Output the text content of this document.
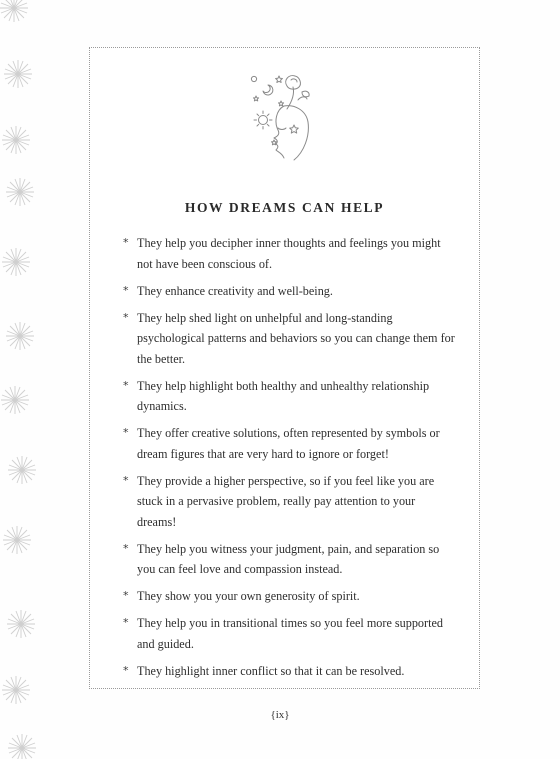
HOW DREAMS CAN HELP
* They help you decipher inner thoughts and feelings you might not have been conscious of.
* They enhance creativity and well-being.
* They help shed light on unhelpful and long-standing psychological patterns and behaviors so you can change them for the better.
* They help highlight both healthy and unhealthy relationship dynamics.
* They offer creative solutions, often represented by symbols or dream figures that are very hard to ignore or forget!
* They provide a higher perspective, so if you feel like you are stuck in a pervasive problem, really pay attention to your dreams!
* They help you witness your judgment, pain, and separation so you can feel love and compassion instead.
* They show you your own generosity of spirit.
* They help you in transitional times so you feel more supported and guided.
* They highlight inner conflict so that it can be resolved.
{ix}
